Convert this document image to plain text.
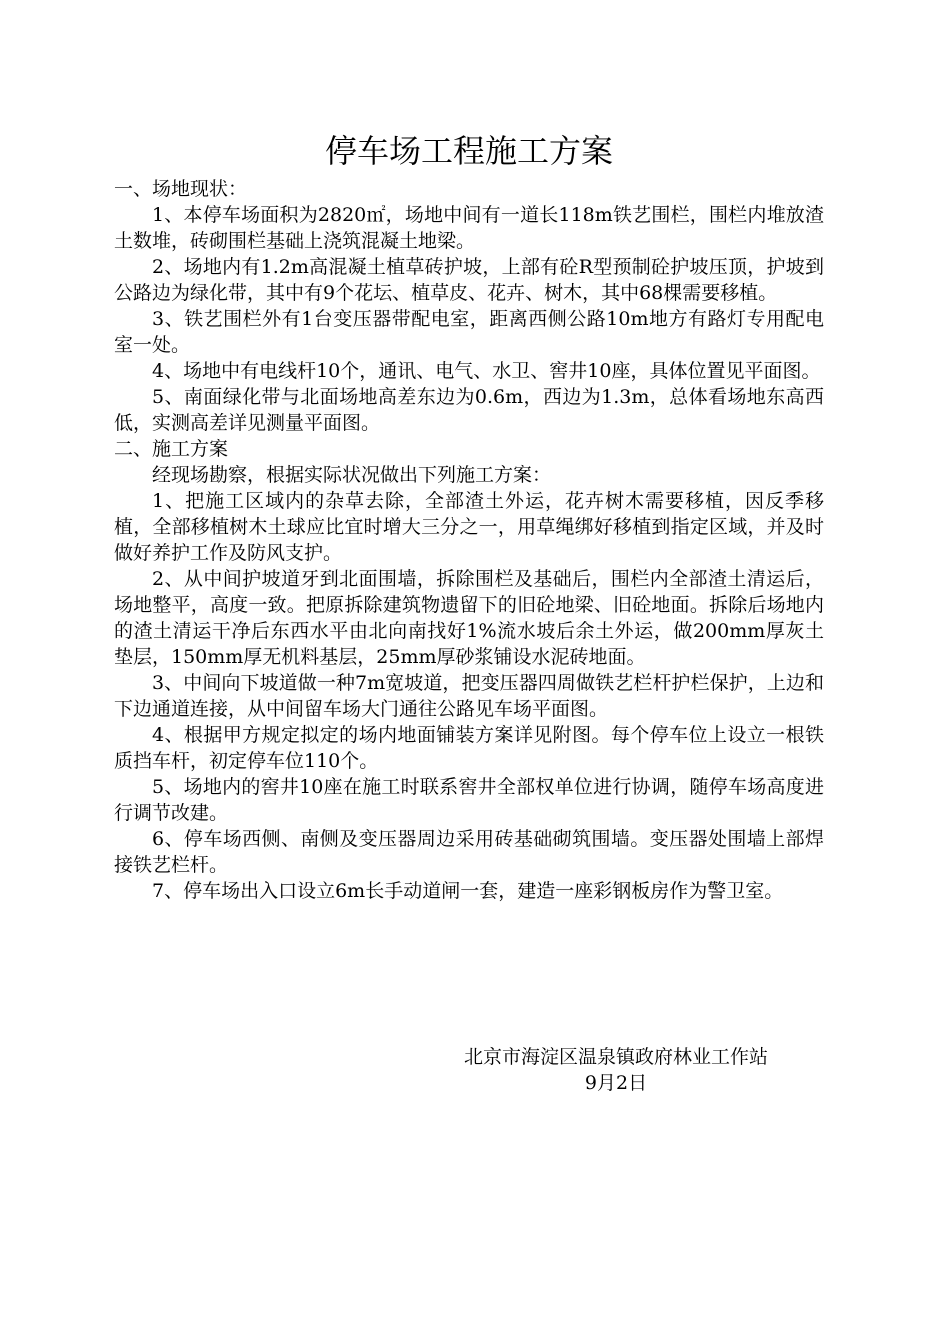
停车场工程施工方案

一、场地现状：

1、本停车场面积为2820㎡，场地中间有一道长118m铁艺围栏，围栏内堆放渣土数堆，砖砌围栏基础上浇筑混凝土地梁。

2、场地内有1.2m高混凝土植草砖护坡，上部有砼R型预制砼护坡压顶，护坡到公路边为绿化带，其中有9个花坛、植草皮、花卉、树木，其中68棵需要移植。

3、铁艺围栏外有1台变压器带配电室，距离西侧公路10m地方有路灯专用配电室一处。

4、场地中有电线杆10个，通讯、电气、水卫、窖井10座，具体位置见平面图。

5、南面绿化带与北面场地高差东边为0.6m，西边为1.3m，总体看场地东高西低，实测高差详见测量平面图。

二、施工方案

经现场勘察，根据实际状况做出下列施工方案：

1、把施工区域内的杂草去除，全部渣土外运，花卉树木需要移植，因反季移植，全部移植树木土球应比宜时增大三分之一，用草绳绑好移植到指定区域，并及时做好养护工作及防风支护。

2、从中间护坡道牙到北面围墙，拆除围栏及基础后，围栏内全部渣土清运后，场地整平，高度一致。把原拆除建筑物遗留下的旧砼地梁、旧砼地面。拆除后场地内的渣土清运干净后东西水平由北向南找好1%流水坡后余土外运，做200mm厚灰土垫层，150mm厚无机料基层，25mm厚砂浆铺设水泥砖地面。

3、中间向下坡道做一种7m宽坡道，把变压器四周做铁艺栏杆护栏保护，上边和下边通道连接，从中间留车场大门通往公路见车场平面图。

4、根据甲方规定拟定的场内地面铺装方案详见附图。每个停车位上设立一根铁质挡车杆，初定停车位110个。

5、场地内的窖井10座在施工时联系窖井全部权单位进行协调，随停车场高度进行调节改建。

6、停车场西侧、南侧及变压器周边采用砖基础砌筑围墙。变压器处围墙上部焊接铁艺栏杆。

7、停车场出入口设立6m长手动道闸一套，建造一座彩钢板房作为警卫室。

北京市海淀区温泉镇政府林业工作站
9月2日
